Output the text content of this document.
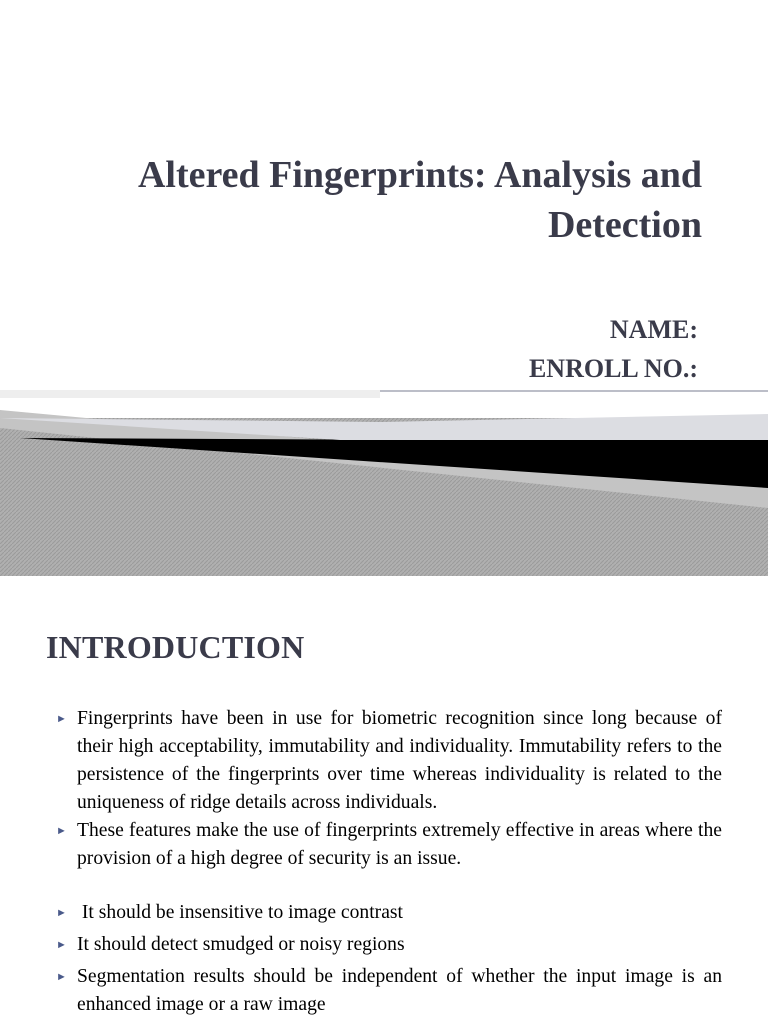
Altered Fingerprints: Analysis and Detection
NAME:
ENROLL NO.:
INTRODUCTION
► Fingerprints have been in use for biometric recognition since long because of their high acceptability, immutability and individuality. Immutability refers to the persistence of the fingerprints over time whereas individuality is related to the uniqueness of ridge details across individuals.
► These features make the use of fingerprints extremely effective in areas where the provision of a high degree of security is an issue.
► It should be insensitive to image contrast
► It should detect smudged or noisy regions
► Segmentation results should be independent of whether the input image is an enhanced image or a raw image
